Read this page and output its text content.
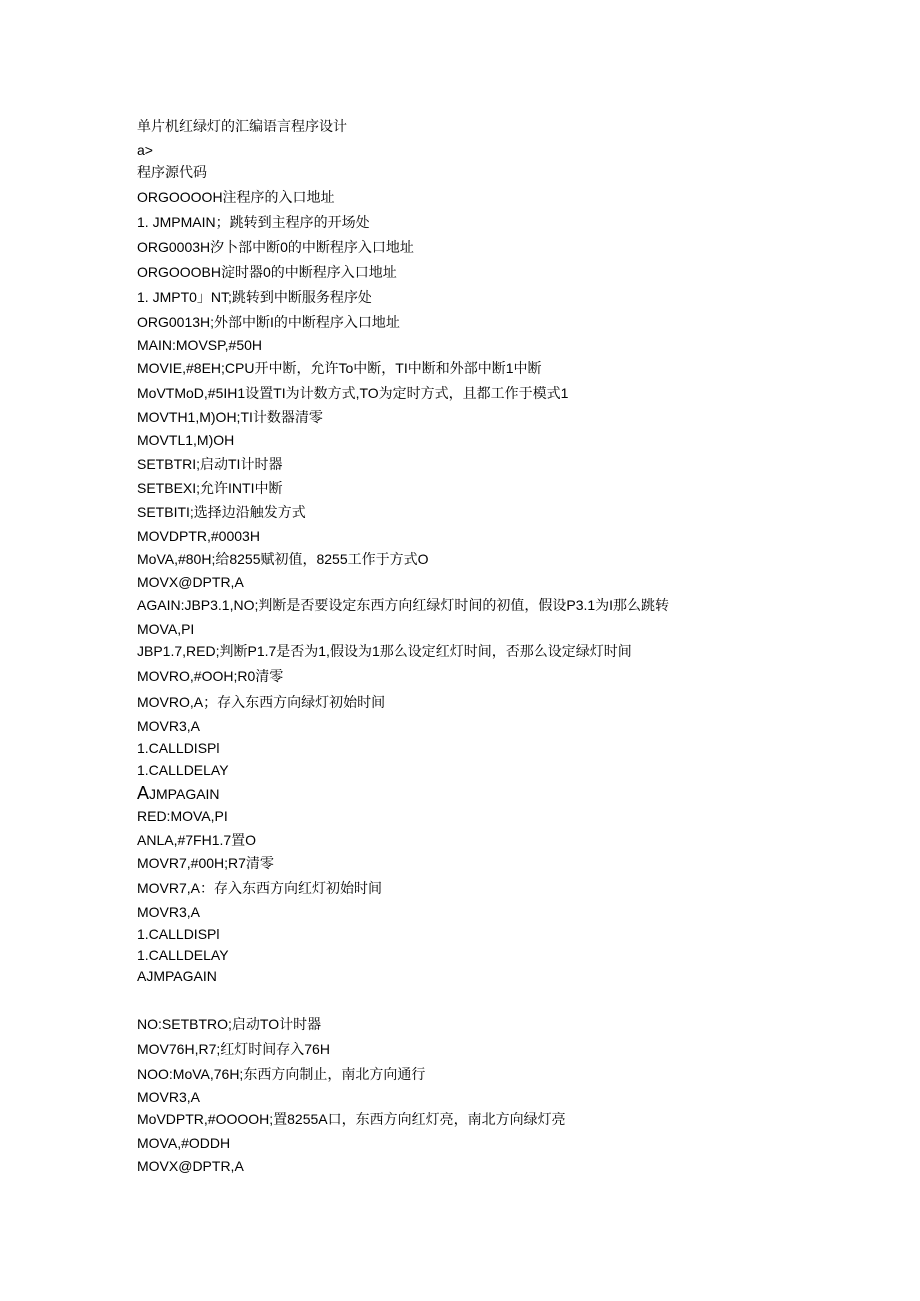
单片机红绿灯的汇编语言程序设计
a>
程序源代码
ORGOOOOH注程序的入口地址
1. JMPMAIN；跳转到主程序的开场处
ORG0003H汐卜部中断0的中断程序入口地址
ORGOOOBH淀时器0的中断程序入口地址
1. JMPT0」NT;跳转到中断服务程序处
ORG0013H;外部中断I的中断程序入口地址
MAIN:MOVSP,#50H
MOVIE,#8EH;CPU开中断，允许To中断，TI中断和外部中断1中断
MoVTMoD,#5IH1设置TI为计数方式,TO为定时方式，且都工作于模式1
MOVTH1,M)OH;TI计数器清零
MOVTL1,M)OH
SETBTRI;启动TI计时器
SETBEXI;允许INTI中断
SETBITI;选择边沿触发方式
MOVDPTR,#0003H
MoVA,#80H;给8255赋初值，8255工作于方式O
MOVX@DPTR,A
AGAIN:JBP3.1,NO;判断是否要设定东西方向红绿灯时间的初值，假设P3.1为I那么跳转
MOVA,PI
JBP1.7,RED;判断P1.7是否为1,假设为1那么设定红灯时间，否那么设定绿灯时间
MOVRO,#OOH;R0清零
MOVRO,A；存入东西方向绿灯初始时间
MOVR3,A
1.CALLDISPl
1.CALLDELAY
AJMPAGAIN
RED:MOVA,PI
ANLA,#7FH1.7置O
MOVR7,#00H;R7清零
MOVR7,A：存入东西方向红灯初始时间
MOVR3,A
1.CALLDISPl
1.CALLDELAY
AJMPAGAIN
NO:SETBTRO;启动TO计时器
MOV76H,R7;红灯时间存入76H
NOO:MoVA,76H;东西方向制止，南北方向通行
MOVR3,A
MoVDPTR,#OOOOH;置8255A口，东西方向红灯亮，南北方向绿灯亮
MOVA,#ODDH
MOVX@DPTR,A
